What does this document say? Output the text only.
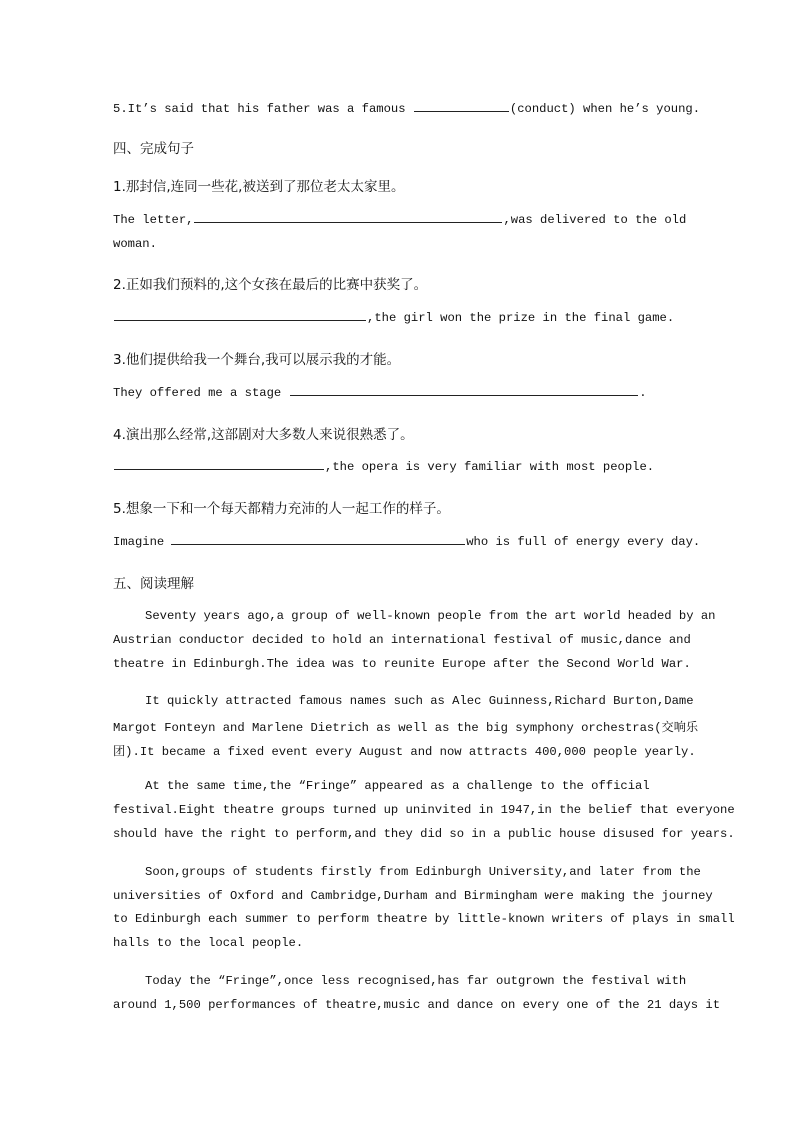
5.It’s said that his father was a famous	(conduct) when he’s young.
四、完成句子
1.那封信,连同一些花,被送到了那位老太太家里。
The letter,	,was delivered to the old
woman.
2.正如我们预料的,这个女孩在最后的比赛中获奖了。
,the girl won the prize in the final game.
3.他们提供给我一个舞台,我可以展示我的才能。
They offered me a stage	.
4.演出那么经常,这部剧对大多数人来说很熟悉了。
,the opera is very familiar with most people.
5.想象一下和一个每天都精力充沛的人一起工作的样子。
Imagine	who is full of energy every day.
五、阅读理解
Seventy years ago,a group of well-known people from the art world headed by an
Austrian conductor decided to hold an international festival of music,dance and
theatre in Edinburgh.The idea was to reunite Europe after the Second World War.
It quickly attracted famous names such as Alec Guinness,Richard Burton,Dame
Margot Fonteyn and Marlene Dietrich as well as the big symphony orchestras(交响乐
团).It became a fixed event every August and now attracts 400,000 people yearly.
At the same time,the “Fringe” appeared as a challenge to the official
festival.Eight theatre groups turned up uninvited in 1947,in the belief that everyone
should have the right to perform,and they did so in a public house disused for years.
Soon,groups of students firstly from Edinburgh University,and later from the
universities of Oxford and Cambridge,Durham and Birmingham were making the journey
to Edinburgh each summer to perform theatre by little-known writers of plays in small
halls to the local people.
Today the “Fringe”,once less recognised,has far outgrown the festival with
around 1,500 performances of theatre,music and dance on every one of the 21 days it
